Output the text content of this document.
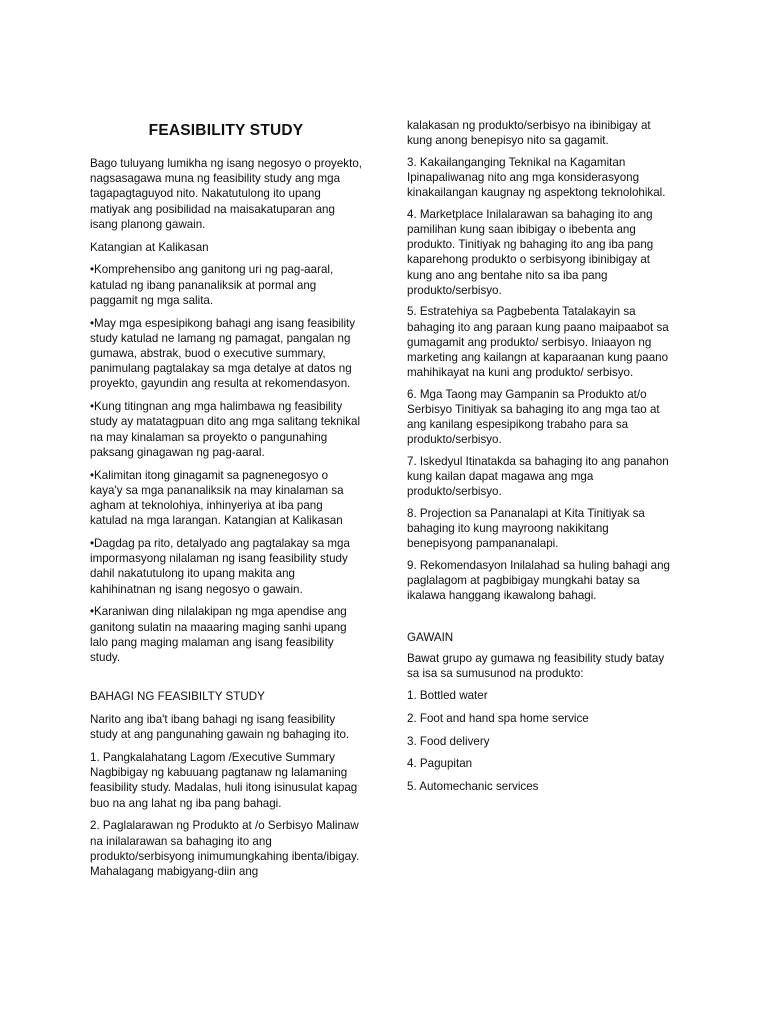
FEASIBILITY STUDY

Bago tuluyang lumikha ng isang negosyo o proyekto, nagsasagawa muna ng feasibility study ang mga tagapagtaguyod nito. Nakatutulong ito upang matiyak ang posibilidad na maisakatuparan ang isang planong gawain.

Katangian at Kalikasan

•Komprehensibo ang ganitong uri ng pag-aaral, katulad ng ibang pananaliksik at pormal ang paggamit ng mga salita.

•May mga espesipikong bahagi ang isang feasibility study katulad ne lamang ng pamagat, pangalan ng gumawa, abstrak, buod o executive summary, panimulang pagtalakay sa mga detalye at datos ng proyekto, gayundin ang resulta at rekomendasyon.

•Kung titingnan ang mga halimbawa ng feasibility study ay matatagpuan dito ang mga salitang teknikal na may kinalaman sa proyekto o pangunahing paksang ginagawan ng pag-aaral.

•Kalimitan itong ginagamit sa pagnenegosyo o kaya'y sa mga pananaliksik na may kinalaman sa agham at teknolohiya, inhinyeriya at iba pang katulad na mga larangan. Katangian at Kalikasan

•Dagdag pa rito, detalyado ang pagtalakay sa mga impormasyong nilalaman ng isang feasibility study dahil nakatutulong ito upang makita ang kahihinatnan ng isang negosyo o gawain.

•Karaniwan ding nilalakipan ng mga apendise ang ganitong sulatin na maaaring maging sanhi upang lalo pang maging malaman ang isang feasibility study.

BAHAGI NG FEASIBILTY STUDY

Narito ang iba't ibang bahagi ng isang feasibility study at ang pangunahing gawain ng bahaging ito.

1. Pangkalahatang Lagom /Executive Summary Nagbibigay ng kabuuang pagtanaw ng lalamaning feasibility study. Madalas, huli itong isinusulat kapag buo na ang lahat ng iba pang bahagi.

2. Paglalarawan ng Produkto at /o Serbisyo Malinaw na inilalarawan sa bahaging ito ang produkto/serbisyong inimumungkahing ibenta/ibigay. Mahalagang mabigyang-diin ang

kalakasan ng produkto/serbisyo na ibinibigay at kung anong benepisyo nito sa gagamit.

3. Kakailanganging Teknikal na Kagamitan Ipinapaliwanag nito ang mga konsiderasyong kinakailangan kaugnay ng aspektong teknolohikal.

4. Marketplace Inilalarawan sa bahaging ito ang pamilihan kung saan ibibigay o ibebenta ang produkto. Tinitiyak ng bahaging ito ang iba pang kaparehong produkto o serbisyong ibinibigay at kung ano ang bentahe nito sa iba pang produkto/serbisyo.

5. Estratehiya sa Pagbebenta Tatalakayin sa bahaging ito ang paraan kung paano maipaabot sa gumagamit ang produkto/ serbisyo. Iniaayon ng marketing ang kailangn at kaparaanan kung paano mahihikayat na kuni ang produkto/ serbisyo.

6. Mga Taong may Gampanin sa Produkto at/o Serbisyo Tinitiyak sa bahaging ito ang mga tao at ang kanilang espesipikong trabaho para sa produkto/serbisyo.

7. Iskedyul Itinatakda sa bahaging ito ang panahon kung kailan dapat magawa ang mga produkto/serbisyo.

8. Projection sa Pananalapi at Kita Tinitiyak sa bahaging ito kung mayroong nakikitang benepisyong pampananalapi.

9. Rekomendasyon Inilalahad sa huling bahagi ang paglalagom at pagbibigay mungkahi batay sa ikalawa hanggang ikawalong bahagi.

GAWAIN

Bawat grupo ay gumawa ng feasibility study batay sa isa sa sumusunod na produkto:

1. Bottled water

2. Foot and hand spa home service

3. Food delivery

4. Pagupitan

5. Automechanic services
